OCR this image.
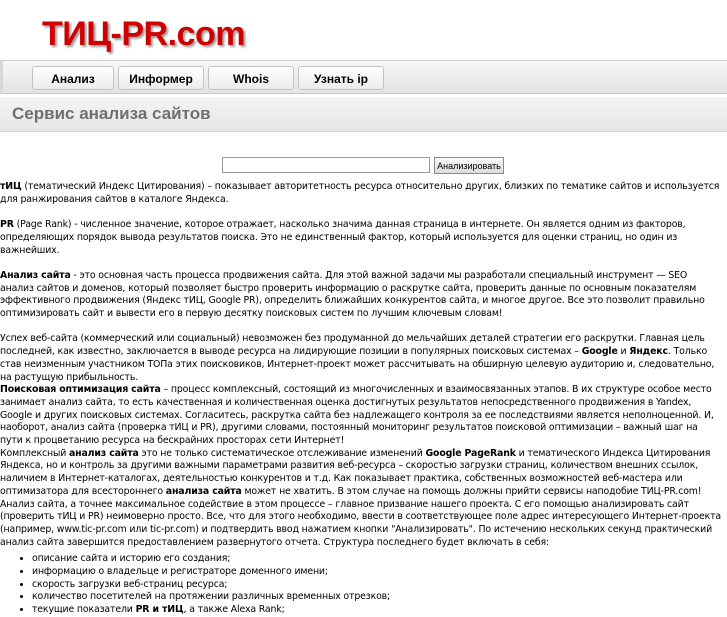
ТИЦ-PR.com
Анализ	Информер	Whois	Узнать ip
Сервис анализа сайтов
Анализировать

тИЦ (тематический Индекс Цитирования) – показывает авторитетность ресурса относительно других, близких по тематике сайтов и используется для ранжирования сайтов в каталоге Яндекса.

PR (Page Rank) - численное значение, которое отражает, насколько значима данная страница в интернете. Он является одним из факторов, определяющих порядок вывода результатов поиска. Это не единственный фактор, который используется для оценки страниц, но один из важнейших.

Анализ сайта - это основная часть процесса продвижения сайта. Для этой важной задачи мы разработали специальный инструмент — SEO анализ сайтов и доменов, который позволяет быстро проверить информацию о раскрутке сайта, проверить данные по основным показателям эффективного продвижения (Яндекс тИЦ, Google PR), определить ближайших конкурентов сайта, и многое другое. Все это позволит правильно оптимизировать сайт и вывести его в первую десятку поисковых систем по лучшим ключевым словам!

Успех веб-сайта (коммерческий или социальный) невозможен без продуманной до мельчайших деталей стратегии его раскрутки. Главная цель последней, как известно, заключается в выводе ресурса на лидирующие позиции в популярных поисковых системах – Google и Яндекс. Только став неизменным участником ТОПа этих поисковиков, Интернет-проект может рассчитывать на обширную целевую аудиторию и, следовательно, на растущую прибыльность.

Поисковая оптимизация сайта – процесс комплексный, состоящий из многочисленных и взаимосвязанных этапов. В их структуре особое место занимает анализ сайта, то есть качественная и количественная оценка достигнутых результатов непосредственного продвижения в Yandex, Google и других поисковых системах. Согласитесь, раскрутка сайта без надлежащего контроля за ее последствиями является неполноценной. И, наоборот, анализ сайта (проверка тИЦ и PR), другими словами, постоянный мониторинг результатов поисковой оптимизации – важный шаг на пути к процветанию ресурса на бескрайних просторах сети Интернет!

Комплексный анализ сайта это не только систематическое отслеживание изменений Google PageRank и тематического Индекса Цитирования Яндекса, но и контроль за другими важными параметрами развития веб-ресурса – скоростью загрузки страниц, количеством внешних ссылок, наличием в Интернет-каталогах, деятельностью конкурентов и т.д. Как показывает практика, собственных возможностей веб-мастера или оптимизатора для всестороннего анализа сайта может не хватить. В этом случае на помощь должны прийти сервисы наподобие ТИЦ-PR.com!

Анализ сайта, а точнее максимальное содействие в этом процессе – главное призвание нашего проекта. С его помощью анализировать сайт (проверить тИЦ и PR) неимоверно просто. Все, что для этого необходимо, ввести в соответствующее поле адрес интересующего Интернет-проекта (например, www.tic-pr.com или tic-pr.com) и подтвердить ввод нажатием кнопки "Анализировать". По истечению нескольких секунд практический анализ сайта завершится предоставлением развернутого отчета. Структура последнего будет включать в себя:

• описание сайта и историю его создания;
• информацию о владельце и регистраторе доменного имени;
• скорость загрузки веб-страниц ресурса;
• количество посетителей на протяжении различных временных отрезков;
• текущие показатели PR и тИЦ, а также Alexa Rank;
